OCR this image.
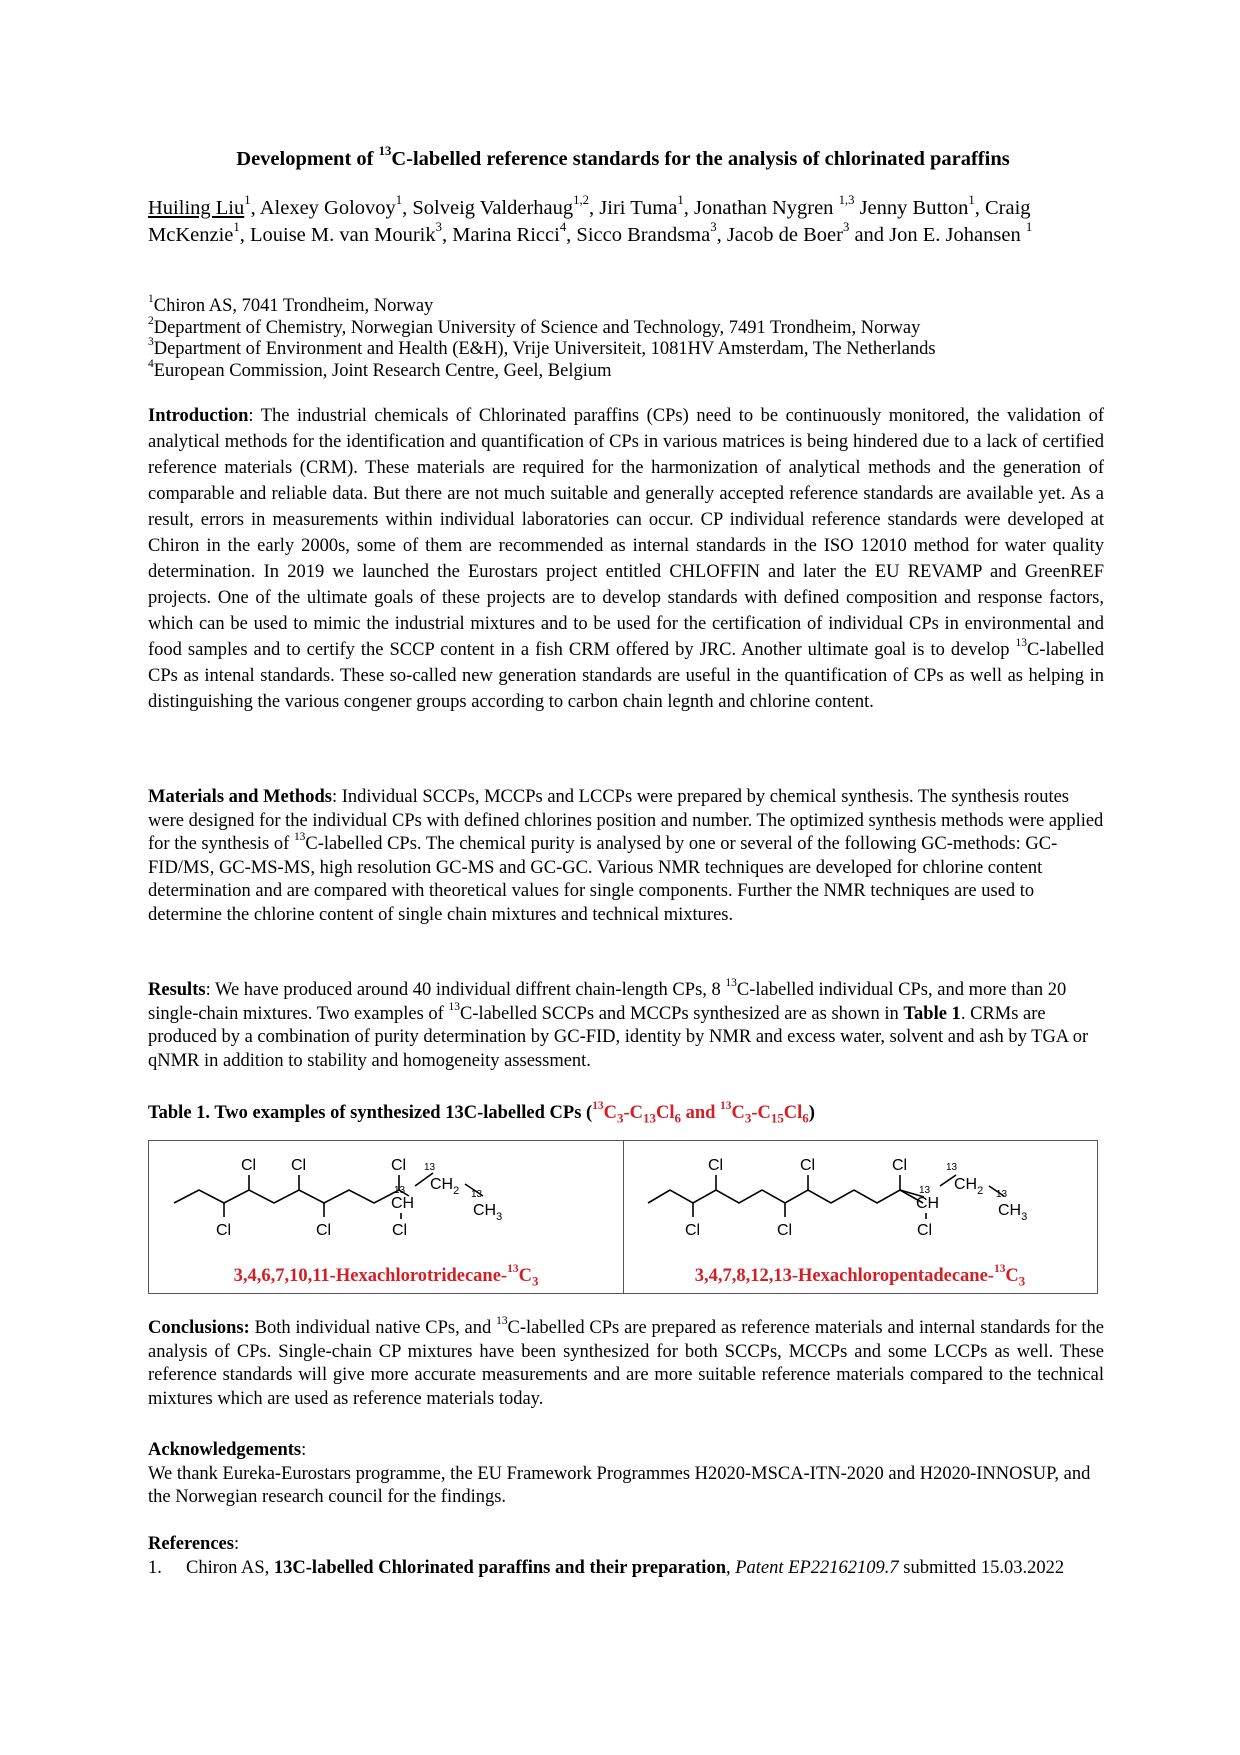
Development of $^{13}$C-labelled reference standards for the analysis of chlorinated paraffins
Huiling Liu$^1$, Alexey Golovoy$^1$, Solveig Valderhaug$^{1,2}$, Jiri Tuma$^1$, Jonathan Nygren $^{1,3}$ Jenny Button$^1$, Craig McKenzie$^1$, Louise M. van Mourik$^3$, Marina Ricci$^4$, Sicco Brandsma$^3$, Jacob de Boer$^3$ and Jon E. Johansen $^1$
$^1$Chiron AS, 7041 Trondheim, Norway
$^2$Department of Chemistry, Norwegian University of Science and Technology, 7491 Trondheim, Norway
$^3$Department of Environment and Health (E&H), Vrije Universiteit, 1081HV Amsterdam, The Netherlands
$^4$European Commission, Joint Research Centre, Geel, Belgium
Introduction: The industrial chemicals of Chlorinated paraffins (CPs) need to be continuously monitored, the validation of analytical methods for the identification and quantification of CPs in various matrices is being hindered due to a lack of certified reference materials (CRM). These materials are required for the harmonization of analytical methods and the generation of comparable and reliable data. But there are not much suitable and generally accepted reference standards are available yet. As a result, errors in measurements within individual laboratories can occur. CP individual reference standards were developed at Chiron in the early 2000s, some of them are recommended as internal standards in the ISO 12010 method for water quality determination. In 2019 we launched the Eurostars project entitled CHLOFFIN and later the EU REVAMP and GreenREF projects. One of the ultimate goals of these projects are to develop standards with defined composition and response factors, which can be used to mimic the industrial mixtures and to be used for the certification of individual CPs in environmental and food samples and to certify the SCCP content in a fish CRM offered by JRC. Another ultimate goal is to develop $^{13}$C-labelled CPs as intenal standards. These so-called new generation standards are useful in the quantification of CPs as well as helping in distinguishing the various congener groups according to carbon chain legnth and chlorine content.
Materials and Methods: Individual SCCPs, MCCPs and LCCPs were prepared by chemical synthesis. The synthesis routes were designed for the individual CPs with defined chlorines position and number. The optimized synthesis methods were applied for the synthesis of $^{13}$C-labelled CPs. The chemical purity is analysed by one or several of the following GC-methods: GC-FID/MS, GC-MS-MS, high resolution GC-MS and GC-GC. Various NMR techniques are developed for chlorine content determination and are compared with theoretical values for single components. Further the NMR techniques are used to determine the chlorine content of single chain mixtures and technical mixtures.
Results: We have produced around 40 individual diffrent chain-length CPs, 8 $^{13}$C-labelled individual CPs, and more than 20 single-chain mixtures. Two examples of $^{13}$C-labelled SCCPs and MCCPs synthesized are as shown in Table 1. CRMs are produced by a combination of purity determination by GC-FID, identity by NMR and excess water, solvent and ash by TGA or qNMR in addition to stability and homogeneity assessment.
Table 1. Two examples of synthesized 13C-labelled CPs ($^{13}C_3-C_{13}Cl_6$ and $^{13}C_3-C_{15}Cl_6$)
Cl Cl	Cl
Cl	Cl	Cl
CH
$CH_2$
$CH_3$
13
13
13
$3,4,6,7,10,11-Hexachlorotridecane-^{13}C_3$
Cl	Cl	Cl
Cl	Cl	Cl
CH
$CH_2$
$CH_3$
13
13
13
$3,4,7,8,12,13-Hexachloropentadecane-^{13}C_3$
Conclusions: Both individual native CPs, and $^{13}$C-labelled CPs are prepared as reference materials and internal standards for the analysis of CPs. Single-chain CP mixtures have been synthesized for both SCCPs, MCCPs and some LCCPs as well. These reference standards will give more accurate measurements and are more suitable reference materials compared to the technical mixtures which are used as reference materials today.
Acknowledgements:
We thank Eureka-Eurostars programme, the EU Framework Programmes H2020-MSCA-ITN-2020 and H2020-INNOSUP, and the Norwegian research council for the findings.
References:

1. Chiron AS, 13C-labelled Chlorinated paraffins and their preparation, Patent EP22162109.7 submitted 15.03.2022
